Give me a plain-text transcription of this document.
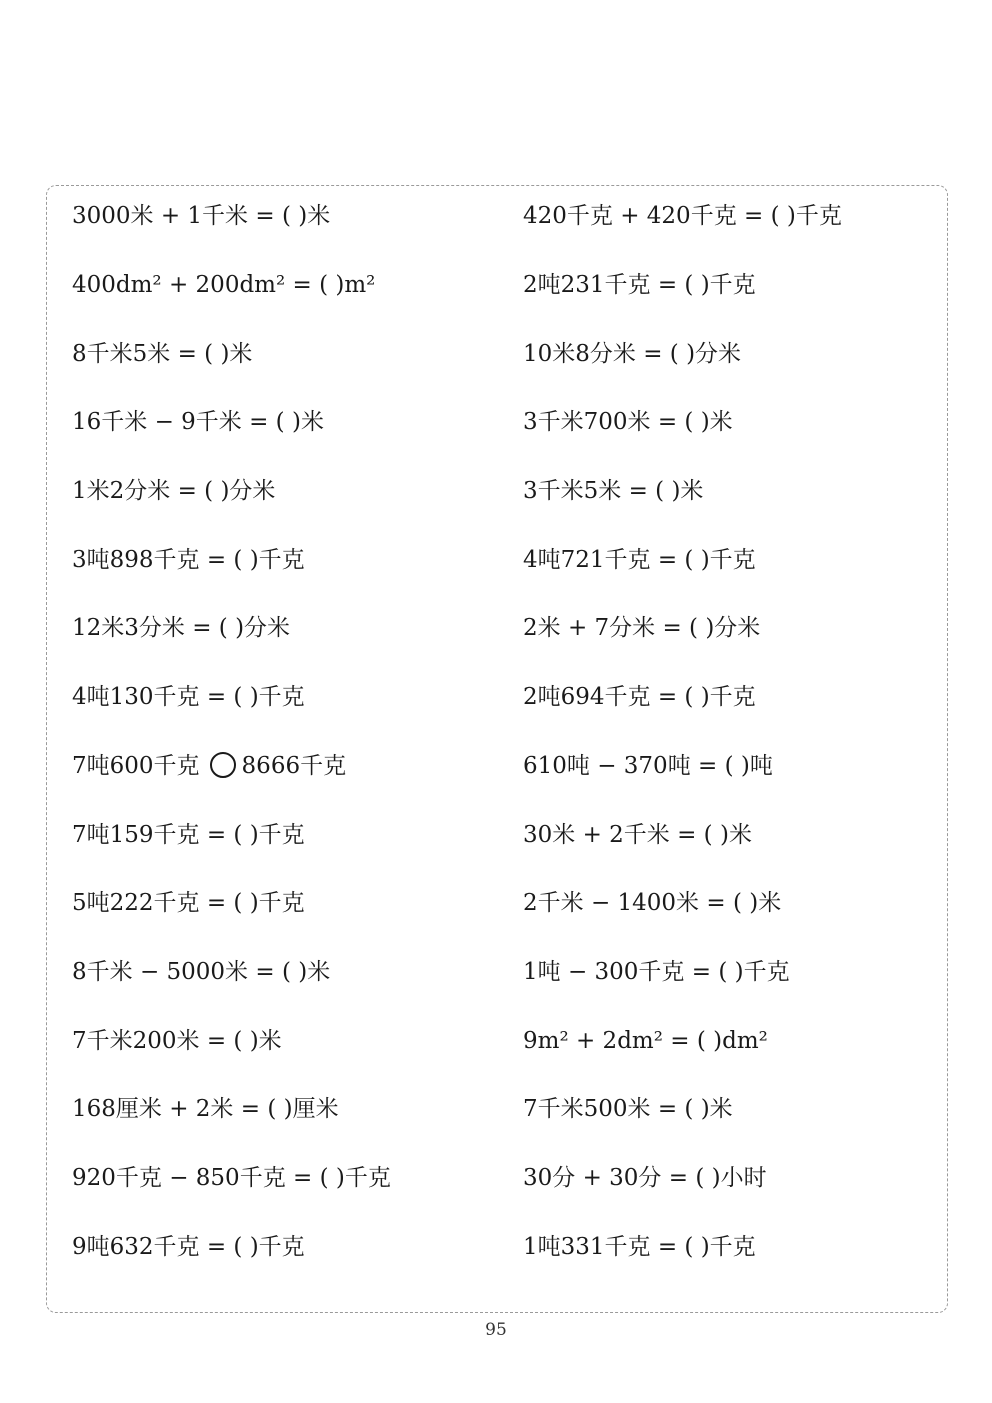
3000米 + 1千米 = ( )米
400dm² + 200dm² = ( )m²
8千米5米 = ( )米
16千米 − 9千米 = ( )米
1米2分米 = ( )分米
3吨898千克 = ( )千克
12米3分米 = ( )分米
4吨130千克 = ( )千克
7吨600千克 8666千克
7吨159千克 = ( )千克
5吨222千克 = ( )千克
8千米 − 5000米 = ( )米
7千米200米 = ( )米
168厘米 + 2米 = ( )厘米
920千克 − 850千克 = ( )千克
9吨632千克 = ( )千克
420千克 + 420千克 = ( )千克
2吨231千克 = ( )千克
10米8分米 = ( )分米
3千米700米 = ( )米
3千米5米 = ( )米
4吨721千克 = ( )千克
2米 + 7分米 = ( )分米
2吨694千克 = ( )千克
610吨 − 370吨 = ( )吨
30米 + 2千米 = ( )米
2千米 − 1400米 = ( )米
1吨 − 300千克 = ( )千克
9m² + 2dm² = ( )dm²
7千米500米 = ( )米
30分 + 30分 = ( )小时
1吨331千克 = ( )千克
95
